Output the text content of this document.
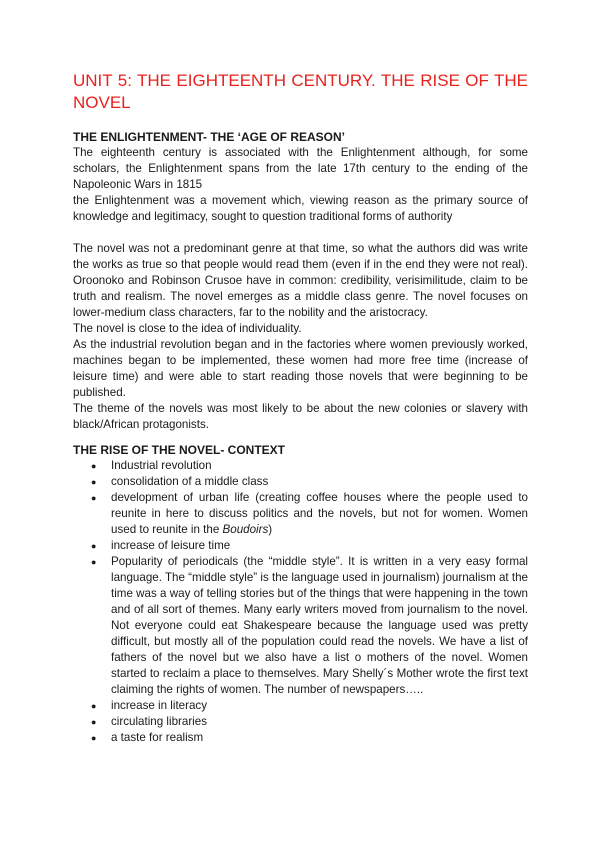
UNIT 5: THE EIGHTEENTH CENTURY. THE RISE OF THE NOVEL
THE ENLIGHTENMENT- THE ‘AGE OF REASON’

The eighteenth century is associated with the Enlightenment although, for some scholars, the Enlightenment spans from the late 17th century to the ending of the Napoleonic Wars in 1815

the Enlightenment was a movement which, viewing reason as the primary source of knowledge and legitimacy, sought to question traditional forms of authority

The novel was not a predominant genre at that time, so what the authors did was write the works as true so that people would read them (even if in the end they were not real). Oroonoko and Robinson Crusoe have in common: credibility, verisimilitude, claim to be truth and realism. The novel emerges as a middle class genre. The novel focuses on lower-medium class characters, far to the nobility and the aristocracy.

The novel is close to the idea of individuality.

As the industrial revolution began and in the factories where women previously worked, machines began to be implemented, these women had more free time (increase of leisure time) and were able to start reading those novels that were beginning to be published.

The theme of the novels was most likely to be about the new colonies or slavery with black/African protagonists.

THE RISE OF THE NOVEL- CONTEXT
● Industrial revolution
● consolidation of a middle class
● development of urban life (creating coffee houses where the people used to reunite in here to discuss politics and the novels, but not for women. Women used to reunite in the Boudoirs)
● increase of leisure time
● Popularity of periodicals (the “middle style”. It is written in a very easy formal language. The “middle style” is the language used in journalism) journalism at the time was a way of telling stories but of the things that were happening in the town and of all sort of themes. Many early writers moved from journalism to the novel. Not everyone could eat Shakespeare because the language used was pretty difficult, but mostly all of the population could read the novels. We have a list of fathers of the novel but we also have a list o mothers of the novel. Women started to reclaim a place to themselves. Mary Shelly´s Mother wrote the first text claiming the rights of women. The number of newspapers…..
● increase in literacy
● circulating libraries
● a taste for realism
